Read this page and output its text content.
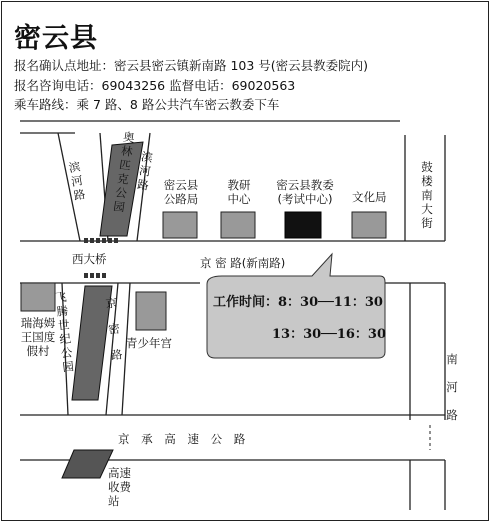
密云县
报名确认点地址：密云县密云镇新南路 103 号(密云县教委院内)
报名咨询电话：69043256 监督电话：69020563
乘车路线：乘 7 路、8 路公共汽车密云教委下车
奥林匹克公园
滨河路
滨河路
鼓楼南大街
密云县公路局
教研中心
密云县教委(考试中心)	文化局
西大桥	京 密 路(新南路)
飞腾世纪公园
京密路
瑞海姆王国度假村
青少年宫
工作时间： 8：30──11：30
13：30──16：30
南 河 路
京 承 高 速 公 路
高速收费站
